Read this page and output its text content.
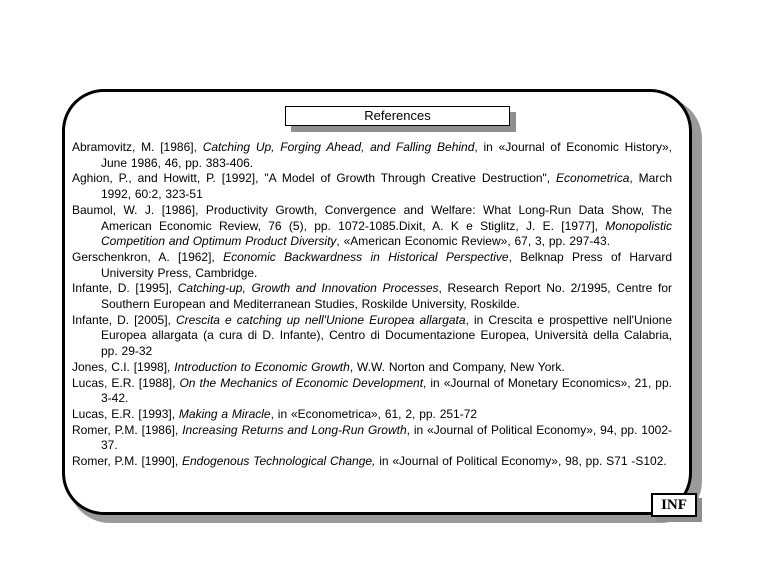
References
Abramovitz, M. [1986], Catching Up, Forging Ahead, and Falling Behind, in «Journal of Economic History», June 1986, 46, pp. 383-406.
Aghion, P., and Howitt, P. [1992], "A Model of Growth Through Creative Destruction", Econometrica, March 1992, 60:2, 323-51
Baumol, W. J. [1986], Productivity Growth, Convergence and Welfare: What Long-Run Data Show, The American Economic Review, 76 (5), pp. 1072-1085.Dixit, A. K e Stiglitz, J. E. [1977], Monopolistic Competition and Optimum Product Diversity, «American Economic Review», 67, 3, pp. 297-43.
Gerschenkron, A. [1962], Economic Backwardness in Historical Perspective, Belknap Press of Harvard University Press, Cambridge.
Infante, D. [1995], Catching-up, Growth and Innovation Processes, Research Report No. 2/1995, Centre for Southern European and Mediterranean Studies, Roskilde University, Roskilde.
Infante, D. [2005], Crescita e catching up nell'Unione Europea allargata, in Crescita e prospettive nell'Unione Europea allargata (a cura di D. Infante), Centro di Documentazione Europea, Università della Calabria, pp. 29-32
Jones, C.I. [1998], Introduction to Economic Growth, W.W. Norton and Company, New York.
Lucas, E.R. [1988], On the Mechanics of Economic Development, in «Journal of Monetary Economics», 21, pp. 3-42.
Lucas, E.R. [1993], Making a Miracle, in «Econometrica», 61, 2, pp. 251-72
Romer, P.M. [1986], Increasing Returns and Long-Run Growth, in «Journal of Political Economy», 94, pp. 1002-37.
Romer, P.M. [1990], Endogenous Technological Change, in «Journal of Political Economy», 98, pp. S71 -S102.
INF
